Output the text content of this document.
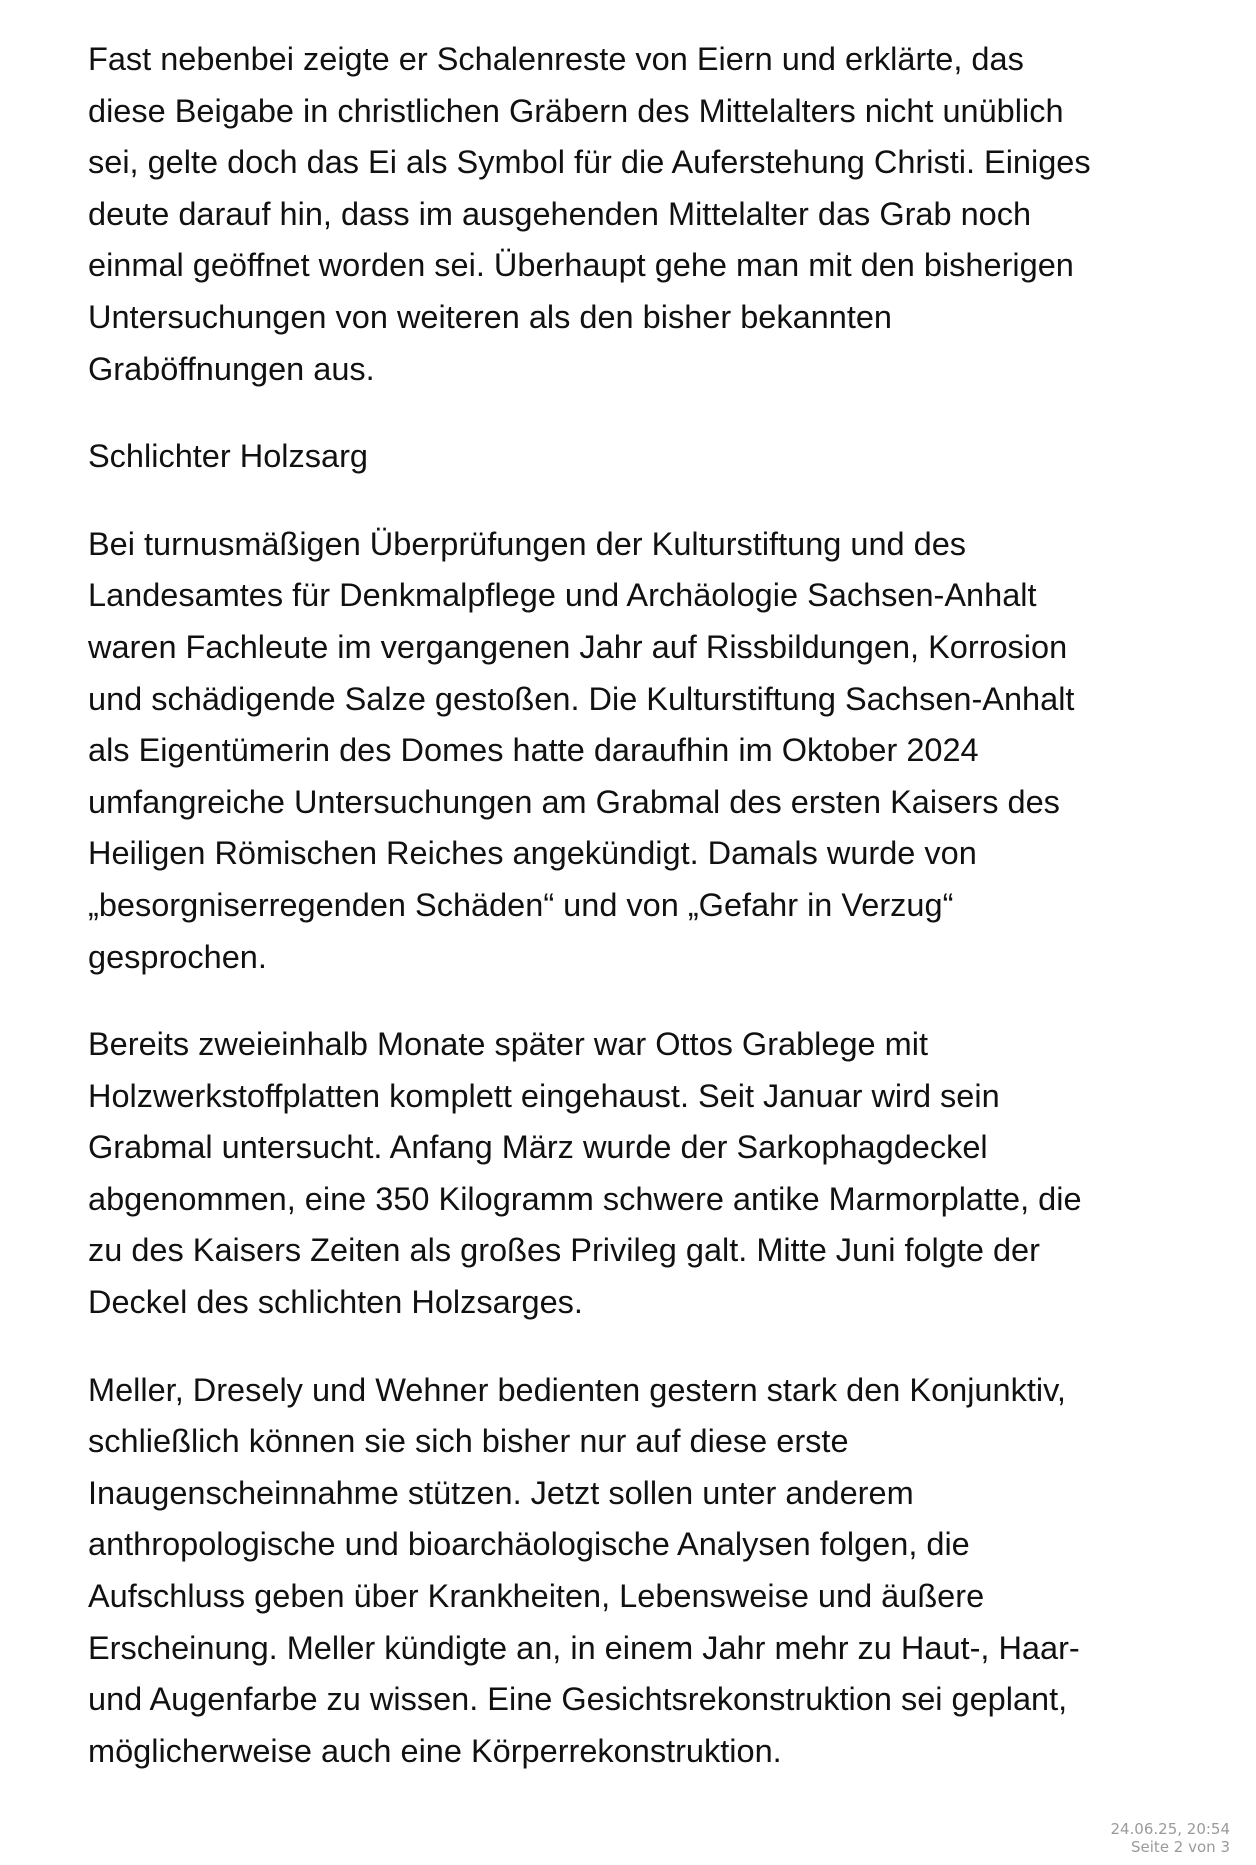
Fast nebenbei zeigte er Schalenreste von Eiern und erklärte, das
diese Beigabe in christlichen Gräbern des Mittelalters nicht unüblich
sei, gelte doch das Ei als Symbol für die Auferstehung Christi. Einiges
deute darauf hin, dass im ausgehenden Mittelalter das Grab noch
einmal geöffnet worden sei. Überhaupt gehe man mit den bisherigen
Untersuchungen von weiteren als den bisher bekannten
Graböffnungen aus.

Schlichter Holzsarg

Bei turnusmäßigen Überprüfungen der Kulturstiftung und des
Landesamtes für Denkmalpflege und Archäologie Sachsen-Anhalt
waren Fachleute im vergangenen Jahr auf Rissbildungen, Korrosion
und schädigende Salze gestoßen. Die Kulturstiftung Sachsen-Anhalt
als Eigentümerin des Domes hatte daraufhin im Oktober 2024
umfangreiche Untersuchungen am Grabmal des ersten Kaisers des
Heiligen Römischen Reiches angekündigt. Damals wurde von
„besorgniserregenden Schäden“ und von „Gefahr in Verzug“
gesprochen.

Bereits zweieinhalb Monate später war Ottos Grablege mit
Holzwerkstoffplatten komplett eingehaust. Seit Januar wird sein
Grabmal untersucht. Anfang März wurde der Sarkophagdeckel
abgenommen, eine 350 Kilogramm schwere antike Marmorplatte, die
zu des Kaisers Zeiten als großes Privileg galt. Mitte Juni folgte der
Deckel des schlichten Holzsarges.

Meller, Dresely und Wehner bedienten gestern stark den Konjunktiv,
schließlich können sie sich bisher nur auf diese erste
Inaugenscheinnahme stützen. Jetzt sollen unter anderem
anthropologische und bioarchäologische Analysen folgen, die
Aufschluss geben über Krankheiten, Lebensweise und äußere
Erscheinung. Meller kündigte an, in einem Jahr mehr zu Haut-, Haar-
und Augenfarbe zu wissen. Eine Gesichtsrekonstruktion sei geplant,
möglicherweise auch eine Körperrekonstruktion.

24.06.25, 20:54
Seite 2 von 3
